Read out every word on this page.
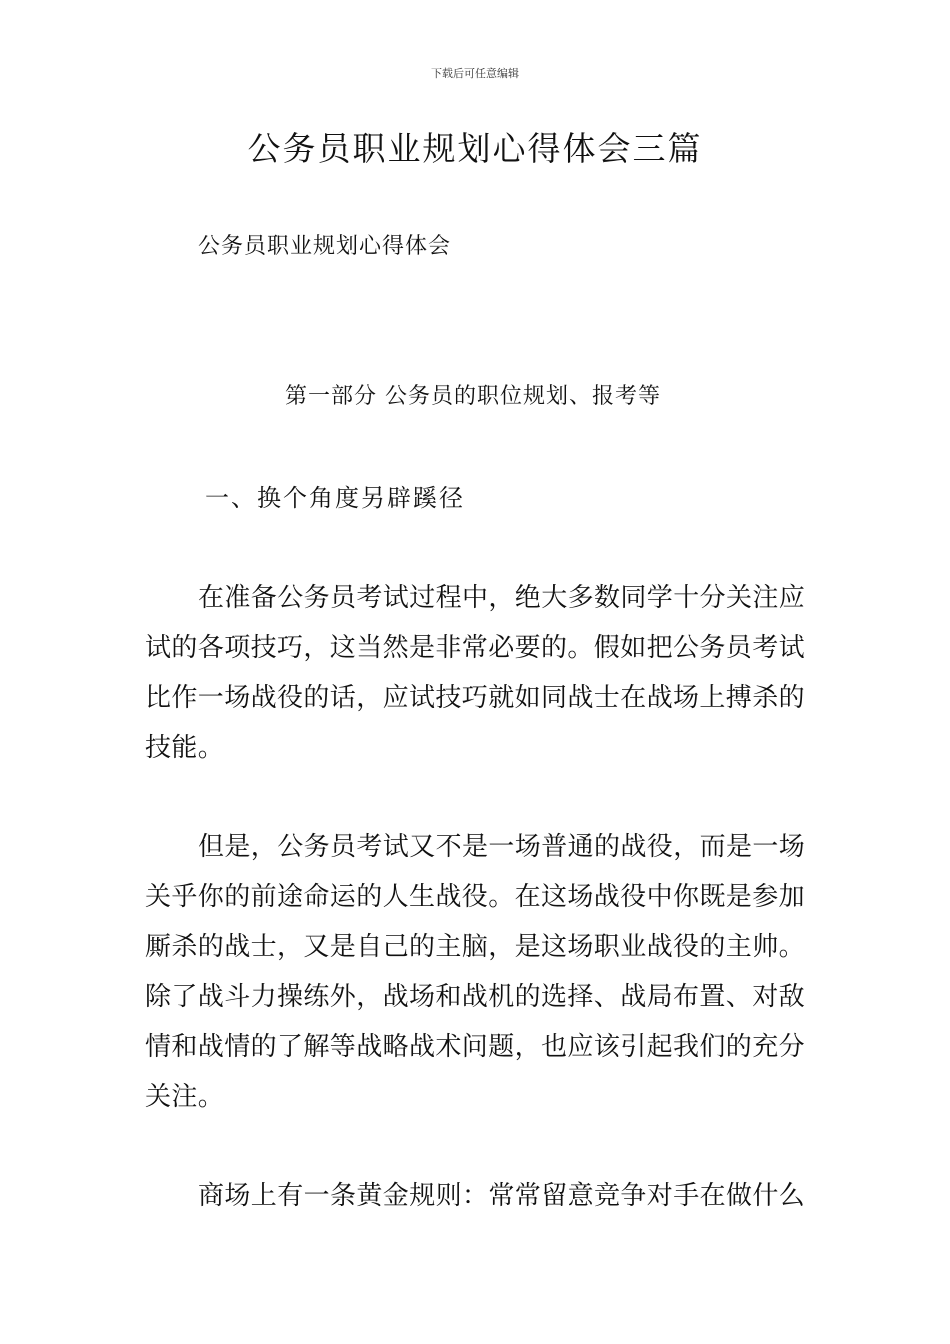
下载后可任意编辑
公务员职业规划心得体会三篇
公务员职业规划心得体会
第一部分 公务员的职位规划、报考等
一、换个角度另辟蹊径
在准备公务员考试过程中，绝大多数同学十分关注应
试的各项技巧，这当然是非常必要的。假如把公务员考试
比作一场战役的话，应试技巧就如同战士在战场上搏杀的
技能。
但是，公务员考试又不是一场普通的战役，而是一场
关乎你的前途命运的人生战役。在这场战役中你既是参加
厮杀的战士，又是自己的主脑，是这场职业战役的主帅。
除了战斗力操练外，战场和战机的选择、战局布置、对敌
情和战情的了解等战略战术问题，也应该引起我们的充分
关注。
商场上有一条黄金规则：常常留意竞争对手在做什么
